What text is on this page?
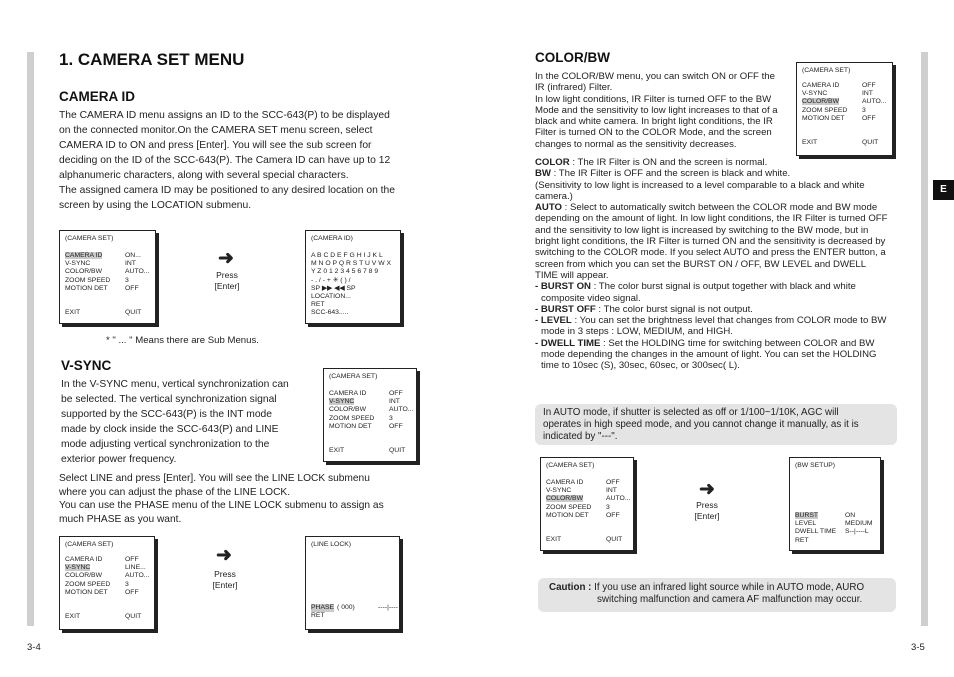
E
1. CAMERA SET MENU
CAMERA ID
The CAMERA ID menu assigns an ID to the SCC-643(P) to be displayed
on the connected monitor.On the CAMERA SET menu screen, select
CAMERA ID to ON and press [Enter]. You will see the sub screen for
deciding on the ID of the SCC-643(P). The Camera ID can have up to 12
alphanumeric characters, along with several special characters.
The assigned camera ID may be positioned to any desired location on the
screen by using the LOCATION submenu.
(CAMERA SET)
CAMERA ID	ON...
V-SYNC	INT
COLOR/BW	AUTO...
ZOOM SPEED	3
MOTION DET	OFF
EXIT	QUIT
➜
Press
[Enter]
(CAMERA ID)
A B C D E F G H I J K L
M N O P Q R S T U V W X
Y Z 0 1 2 3 4 5 6 7 8 9
- . / - + ✳ ( ) /
SP ▶▶ ◀◀ SP
LOCATION...
RET
SCC-643.....
* " ... " Means there are Sub Menus.
V-SYNC
In the V-SYNC menu, vertical synchronization can
be selected. The vertical synchronization signal
supported by the SCC-643(P) is the INT mode
made by clock inside the SCC-643(P) and LINE
mode adjusting vertical synchronization to the
exterior power frequency.
(CAMERA SET)
CAMERA ID	OFF
V-SYNC	INT
COLOR/BW	AUTO...
ZOOM SPEED	3
MOTION DET	OFF
EXIT	QUIT
Select LINE and press [Enter]. You will see the LINE LOCK submenu
where you can adjust the phase of the LINE LOCK.
You can use the PHASE menu of the LINE LOCK submenu to assign as
much PHASE as you want.
(CAMERA SET)
CAMERA ID	OFF
V-SYNC	LINE...
COLOR/BW	AUTO...
ZOOM SPEED	3
MOTION DET	OFF
EXIT	QUIT
➜
Press
[Enter]
(LINE LOCK)
PHASE ( 000)	----|----
RET
3-4
COLOR/BW
In the COLOR/BW menu, you can switch ON or OFF the
IR (infrared) Filter.
In low light conditions, IR Filter is turned OFF to the BW
Mode and the sensitivity to low light increases to that of a
black and white camera. In bright light conditions, the IR
Filter is turned ON to the COLOR Mode, and the screen
changes to normal as the sensitivity decreases.
(CAMERA SET)
CAMERA ID	OFF
V-SYNC	INT
COLOR/BW	AUTO...
ZOOM SPEED	3
MOTION DET	OFF
EXIT	QUIT
COLOR : The IR Filter is ON and the screen is normal.
BW : The IR Filter is OFF and the screen is black and white.
(Sensitivity to low light is increased to a level comparable to a black and white
camera.)
AUTO : Select to automatically switch between the COLOR mode and BW mode
depending on the amount of light. In low light conditions, the IR Filter is turned OFF
and the sensitivity to low light is increased by switching to the BW mode, but in
bright light conditions, the IR Filter is turned ON and the sensitivity is decreased by
switching to the COLOR mode. If you select AUTO and press the ENTER button, a
screen from which you can set the BURST ON / OFF, BW LEVEL and DWELL
TIME will appear.
- BURST ON : The color burst signal is output together with black and white
composite video signal.
- BURST OFF : The color burst signal is not output.
- LEVEL : You can set the brightness level that changes from COLOR mode to BW
mode in 3 steps : LOW, MEDIUM, and HIGH.
- DWELL TIME : Set the HOLDING time for switching between COLOR and BW
mode depending the changes in the amount of light. You can set the HOLDING
time to 10sec (S), 30sec, 60sec, or 300sec( L).
In AUTO mode, if shutter is selected as off or 1/100~1/10K, AGC will
operates in high speed mode, and you cannot change it manually, as it is
indicated by "---".
(CAMERA SET)
CAMERA ID	OFF
V-SYNC	INT
COLOR/BW	AUTO...
ZOOM SPEED	3
MOTION DET	OFF
EXIT	QUIT
➜
Press
[Enter]
(BW SETUP)
BURST	ON
LEVEL	MEDIUM
DWELL TIME	S--|----L
RET
Caution : If you use an infrared light source while in AUTO mode, AURO
switching malfunction and camera AF malfunction may occur.
3-5
